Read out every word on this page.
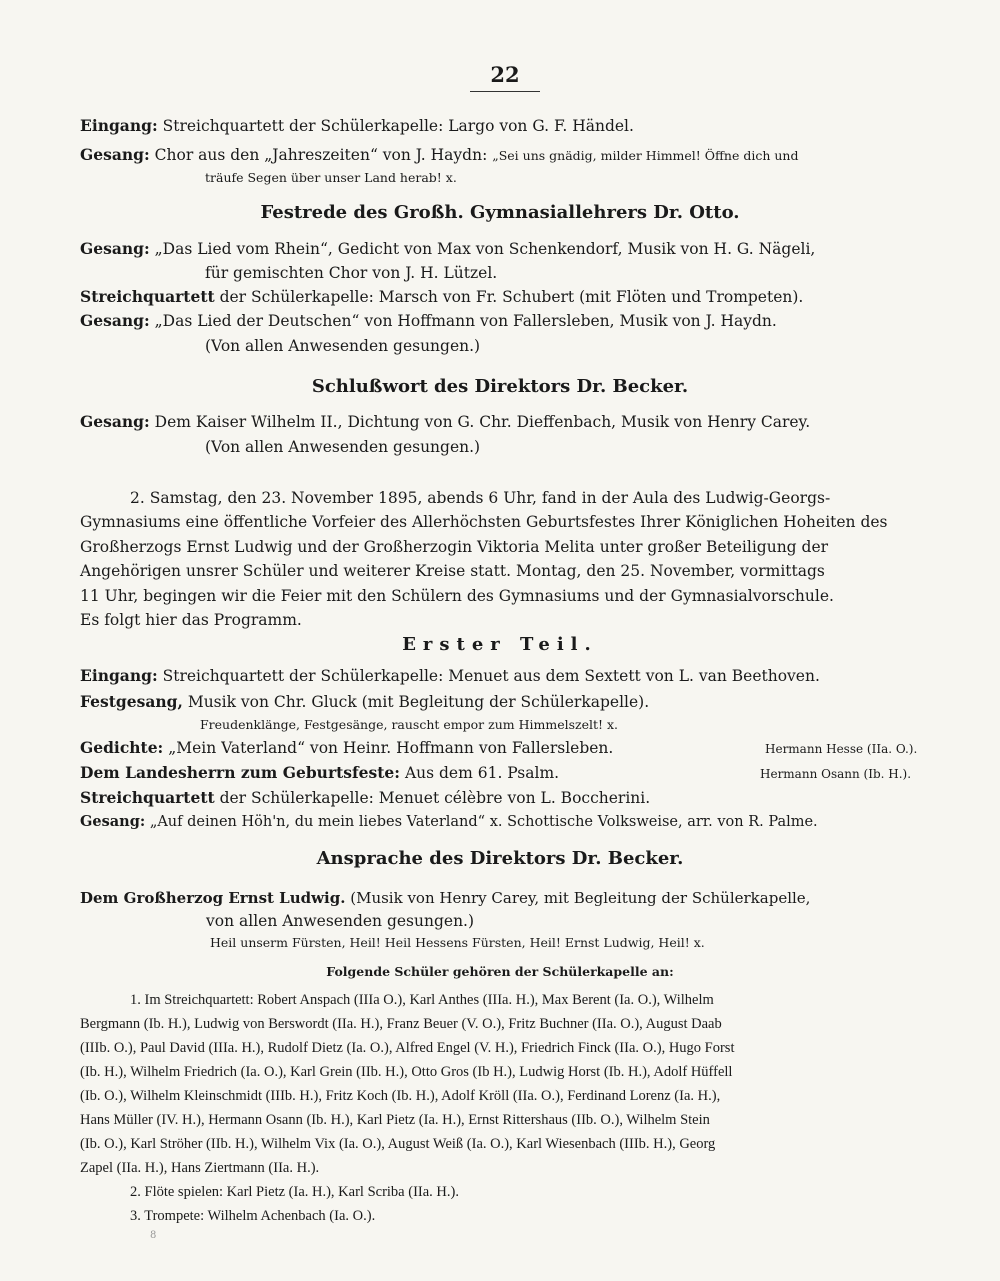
22
Eingang: Streichquartett der Schülerkapelle: Largo von G. F. Händel.
Gesang: Chor aus den „Jahreszeiten“ von J. Haydn: „Sei uns gnädig, milder Himmel! Öffne dich und
träufe Segen über unser Land herab! x.
Festrede des Großh. Gymnasiallehrers Dr. Otto.
Gesang: „Das Lied vom Rhein“, Gedicht von Max von Schenkendorf, Musik von H. G. Nägeli,
für gemischten Chor von J. H. Lützel.
Streichquartett der Schülerkapelle: Marsch von Fr. Schubert (mit Flöten und Trompeten).
Gesang: „Das Lied der Deutschen“ von Hoffmann von Fallersleben, Musik von J. Haydn.
(Von allen Anwesenden gesungen.)
Schlußwort des Direktors Dr. Becker.
Gesang: Dem Kaiser Wilhelm II., Dichtung von G. Chr. Dieffenbach, Musik von Henry Carey.
(Von allen Anwesenden gesungen.)
2. Samstag, den 23. November 1895, abends 6 Uhr, fand in der Aula des Ludwig-Georgs-
Gymnasiums eine öffentliche Vorfeier des Allerhöchsten Geburtsfestes Ihrer Königlichen Hoheiten des
Großherzogs Ernst Ludwig und der Großherzogin Viktoria Melita unter großer Beteiligung der
Angehörigen unsrer Schüler und weiterer Kreise statt. Montag, den 25. November, vormittags
11 Uhr, begingen wir die Feier mit den Schülern des Gymnasiums und der Gymnasialvorschule.
Es folgt hier das Programm.
Erster Teil.
Eingang: Streichquartett der Schülerkapelle: Menuet aus dem Sextett von L. van Beethoven.
Festgesang, Musik von Chr. Gluck (mit Begleitung der Schülerkapelle).
Freudenklänge, Festgesänge, rauscht empor zum Himmelszelt! x.
Gedichte: „Mein Vaterland“ von Heinr. Hoffmann von Fallersleben.	Hermann Hesse (IIa. O.).
Dem Landesherrn zum Geburtsfeste: Aus dem 61. Psalm.	Hermann Osann (Ib. H.).
Streichquartett der Schülerkapelle: Menuet célèbre von L. Boccherini.
Gesang: „Auf deinen Höh'n, du mein liebes Vaterland“ x. Schottische Volksweise, arr. von R. Palme.
Ansprache des Direktors Dr. Becker.
Dem Großherzog Ernst Ludwig. (Musik von Henry Carey, mit Begleitung der Schülerkapelle,
von allen Anwesenden gesungen.)
Heil unserm Fürsten, Heil! Heil Hessens Fürsten, Heil! Ernst Ludwig, Heil! x.
Folgende Schüler gehören der Schülerkapelle an:
1. Im Streichquartett: Robert Anspach (IIIa O.), Karl Anthes (IIIa. H.), Max Berent (Ia. O.), Wilhelm
Bergmann (Ib. H.), Ludwig von Berswordt (IIa. H.), Franz Beuer (V. O.), Fritz Buchner (IIa. O.), August Daab
(IIIb. O.), Paul David (IIIa. H.), Rudolf Dietz (Ia. O.), Alfred Engel (V. H.), Friedrich Finck (IIa. O.), Hugo Forst
(Ib. H.), Wilhelm Friedrich (Ia. O.), Karl Grein (IIb. H.), Otto Gros (Ib H.), Ludwig Horst (Ib. H.), Adolf Hüffell
(Ib. O.), Wilhelm Kleinschmidt (IIIb. H.), Fritz Koch (Ib. H.), Adolf Kröll (IIa. O.), Ferdinand Lorenz (Ia. H.),
Hans Müller (IV. H.), Hermann Osann (Ib. H.), Karl Pietz (Ia. H.), Ernst Rittershaus (IIb. O.), Wilhelm Stein
(Ib. O.), Karl Ströher (IIb. H.), Wilhelm Vix (Ia. O.), August Weiß (Ia. O.), Karl Wiesenbach (IIIb. H.), Georg
Zapel (IIa. H.), Hans Ziertmann (IIa. H.).
2. Flöte spielen: Karl Pietz (Ia. H.), Karl Scriba (IIa. H.).
3. Trompete: Wilhelm Achenbach (Ia. O.).
8
